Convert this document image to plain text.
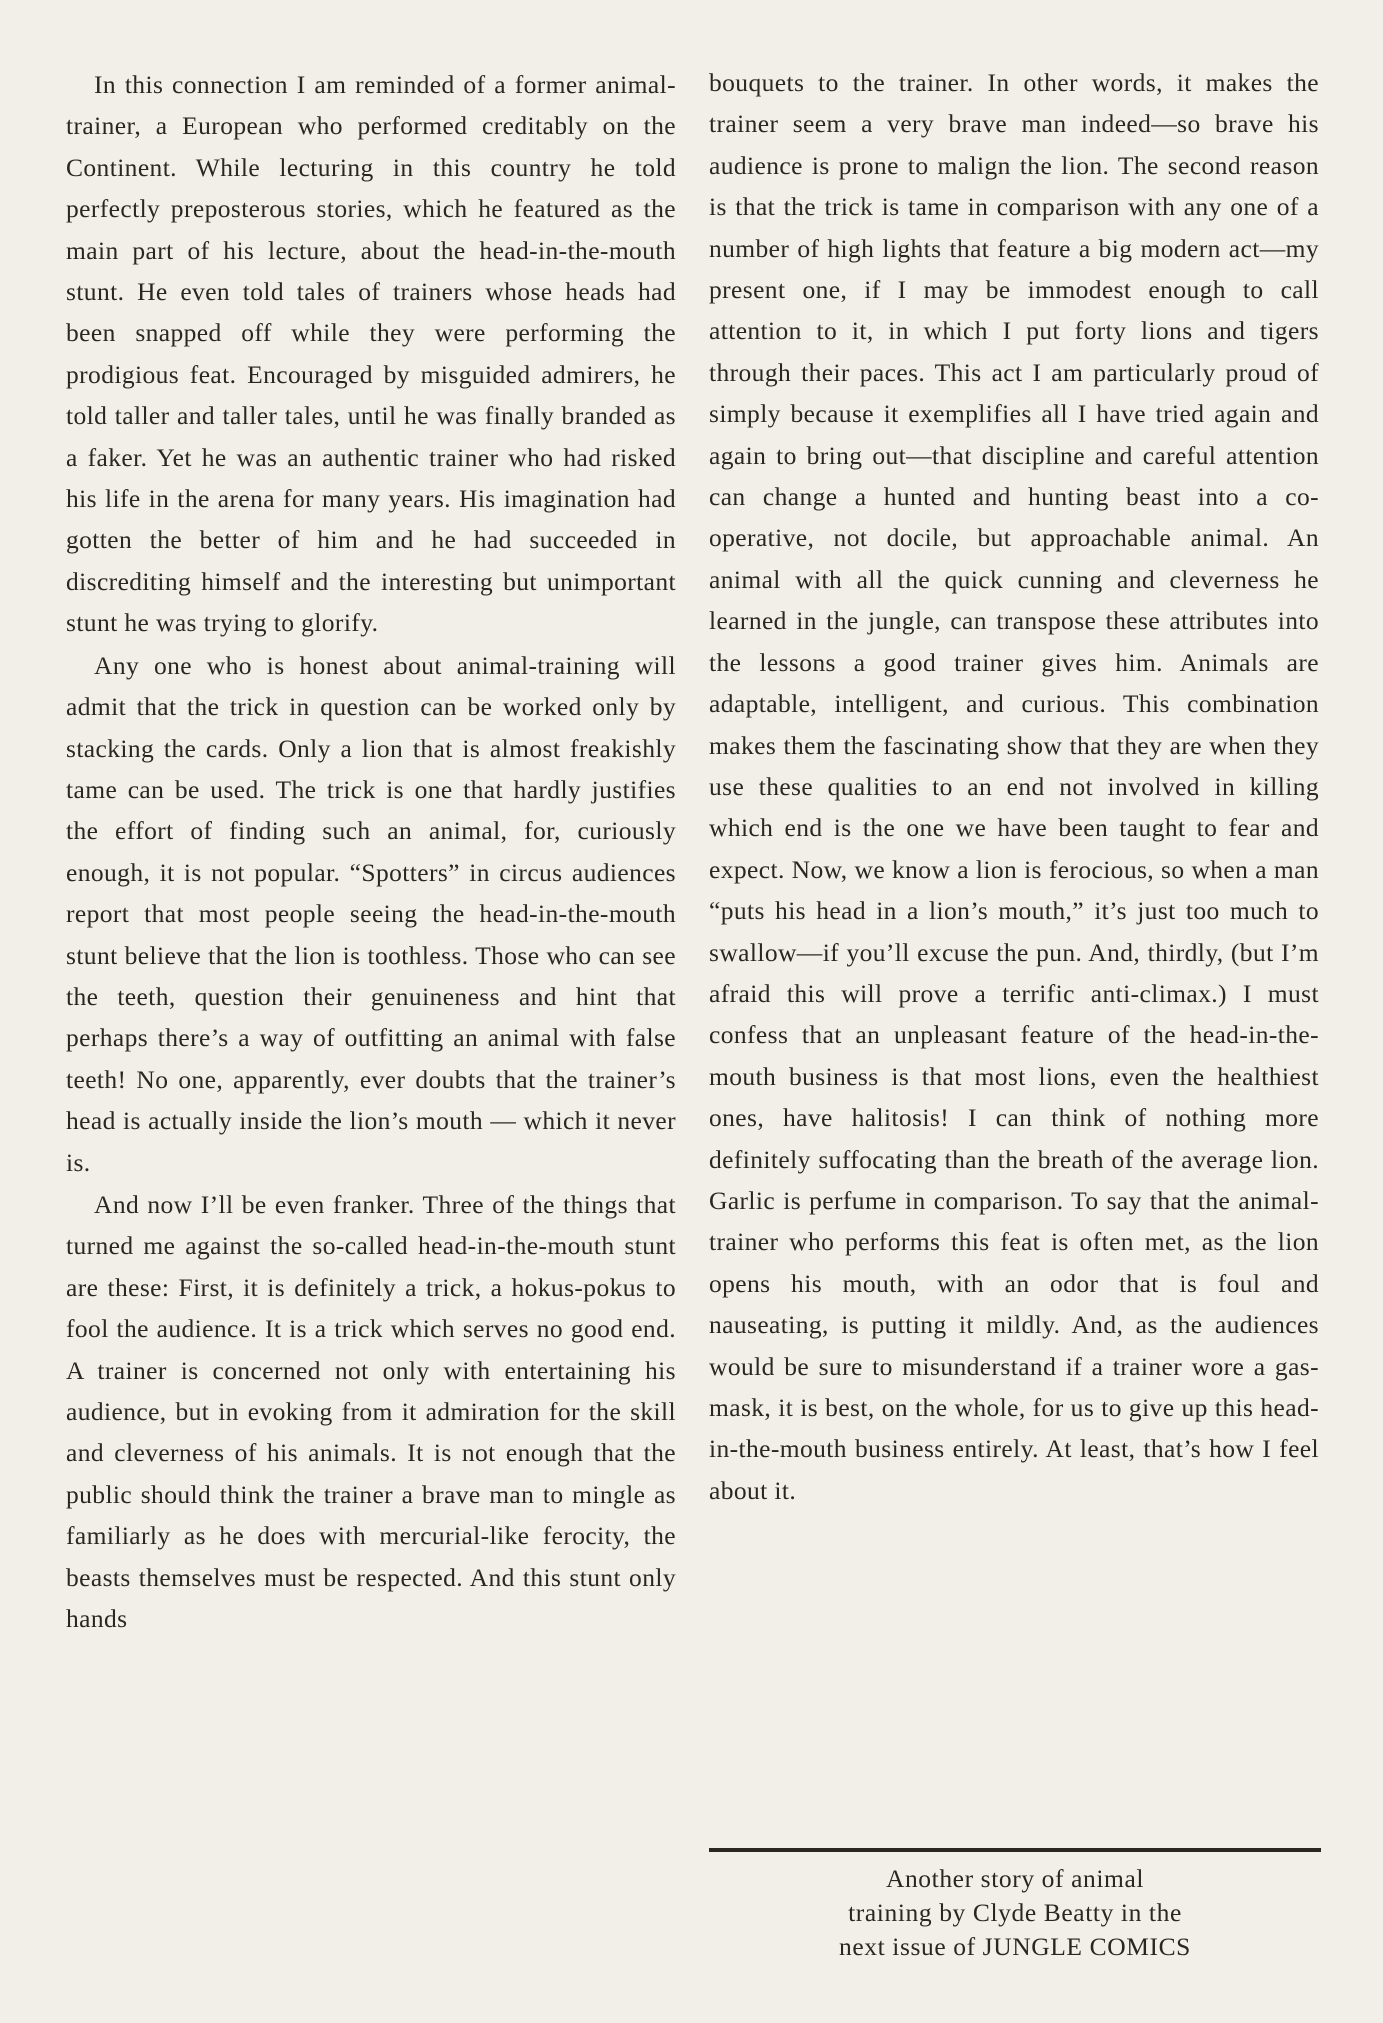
In this connection I am reminded of a former animal-trainer, a European who performed creditably on the Continent. While lecturing in this country he told perfectly preposterous stories, which he featured as the main part of his lecture, about the head-in-the-mouth stunt. He even told tales of trainers whose heads had been snapped off while they were performing the prodigious feat. Encouraged by misguided admirers, he told taller and taller tales, until he was finally branded as a faker. Yet he was an authentic trainer who had risked his life in the arena for many years. His imagination had gotten the better of him and he had succeeded in discrediting himself and the interesting but unimportant stunt he was trying to glorify.

Any one who is honest about animal-training will admit that the trick in question can be worked only by stacking the cards. Only a lion that is almost freakishly tame can be used. The trick is one that hardly justifies the effort of finding such an animal, for, curiously enough, it is not popular. “Spotters” in circus audiences report that most people seeing the head-in-the-mouth stunt believe that the lion is toothless. Those who can see the teeth, question their genuineness and hint that perhaps there’s a way of outfitting an animal with false teeth! No one, apparently, ever doubts that the trainer’s head is actually inside the lion’s mouth — which it never is.

And now I’ll be even franker. Three of the things that turned me against the so-called head-in-the-mouth stunt are these: First, it is definitely a trick, a hokus-pokus to fool the audience. It is a trick which serves no good end. A trainer is concerned not only with entertaining his audience, but in evoking from it admiration for the skill and cleverness of his animals. It is not enough that the public should think the trainer a brave man to mingle as familiarly as he does with mercurial-like ferocity, the beasts themselves must be respected. And this stunt only hands

bouquets to the trainer. In other words, it makes the trainer seem a very brave man indeed—so brave his audience is prone to malign the lion. The second reason is that the trick is tame in comparison with any one of a number of high lights that feature a big modern act—my present one, if I may be immodest enough to call attention to it, in which I put forty lions and tigers through their paces. This act I am particularly proud of simply because it exemplifies all I have tried again and again to bring out—that discipline and careful attention can change a hunted and hunting beast into a co-operative, not docile, but approachable animal. An animal with all the quick cunning and cleverness he learned in the jungle, can transpose these attributes into the lessons a good trainer gives him. Animals are adaptable, intelligent, and curious. This combination makes them the fascinating show that they are when they use these qualities to an end not involved in killing which end is the one we have been taught to fear and expect. Now, we know a lion is ferocious, so when a man “puts his head in a lion’s mouth,” it’s just too much to swallow—if you’ll excuse the pun. And, thirdly, (but I’m afraid this will prove a terrific anti-climax.) I must confess that an unpleasant feature of the head-in-the-mouth business is that most lions, even the healthiest ones, have halitosis! I can think of nothing more definitely suffocating than the breath of the average lion. Garlic is perfume in comparison. To say that the animal-trainer who performs this feat is often met, as the lion opens his mouth, with an odor that is foul and nauseating, is putting it mildly. And, as the audiences would be sure to misunderstand if a trainer wore a gas-mask, it is best, on the whole, for us to give up this head-in-the-mouth business entirely. At least, that’s how I feel about it.

Another story of animal
training by Clyde Beatty in the
next issue of JUNGLE COMICS
